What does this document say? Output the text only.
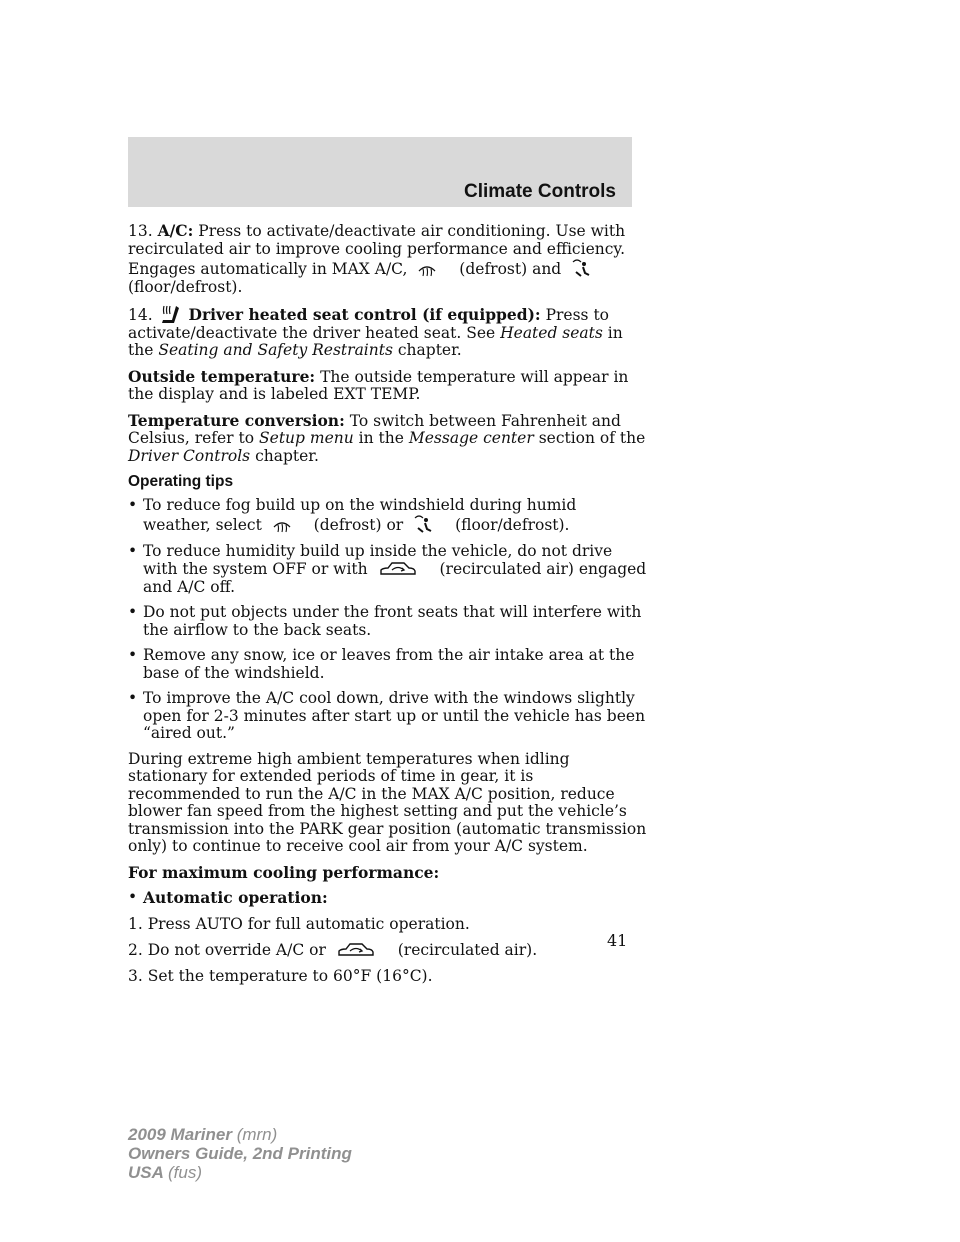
Climate Controls

13. A/C: Press to activate/deactivate air conditioning. Use with recirculated air to improve cooling performance and efficiency. Engages automatically in MAX A/C,	(defrost) and
(floor/defrost).

14. Driver heated seat control (if equipped): Press to activate/deactivate the driver heated seat. See Heated seats in the Seating and Safety Restraints chapter.

Outside temperature: The outside temperature will appear in the display and is labeled EXT TEMP.

Temperature conversion: To switch between Fahrenheit and Celsius, refer to Setup menu in the Message center section of the Driver Controls chapter.

Operating tips
• To reduce fog build up on the windshield during humid weather, select	(defrost) or	(floor/defrost).
• To reduce humidity build up inside the vehicle, do not drive with the system OFF or with	(recirculated air) engaged and A/C off.
• Do not put objects under the front seats that will interfere with the airflow to the back seats.
• Remove any snow, ice or leaves from the air intake area at the base of the windshield.
• To improve the A/C cool down, drive with the windows slightly open for 2-3 minutes after start up or until the vehicle has been “aired out.”

During extreme high ambient temperatures when idling stationary for extended periods of time in gear, it is recommended to run the A/C in the MAX A/C position, reduce blower fan speed from the highest setting and put the vehicle’s transmission into the PARK gear position (automatic transmission only) to continue to receive cool air from your A/C system.

For maximum cooling performance:

• Automatic operation:

1. Press AUTO for full automatic operation.

2. Do not override A/C or	(recirculated air).

3. Set the temperature to 60°F (16°C).

41
2009 Mariner (mrn)
Owners Guide, 2nd Printing
USA (fus)
